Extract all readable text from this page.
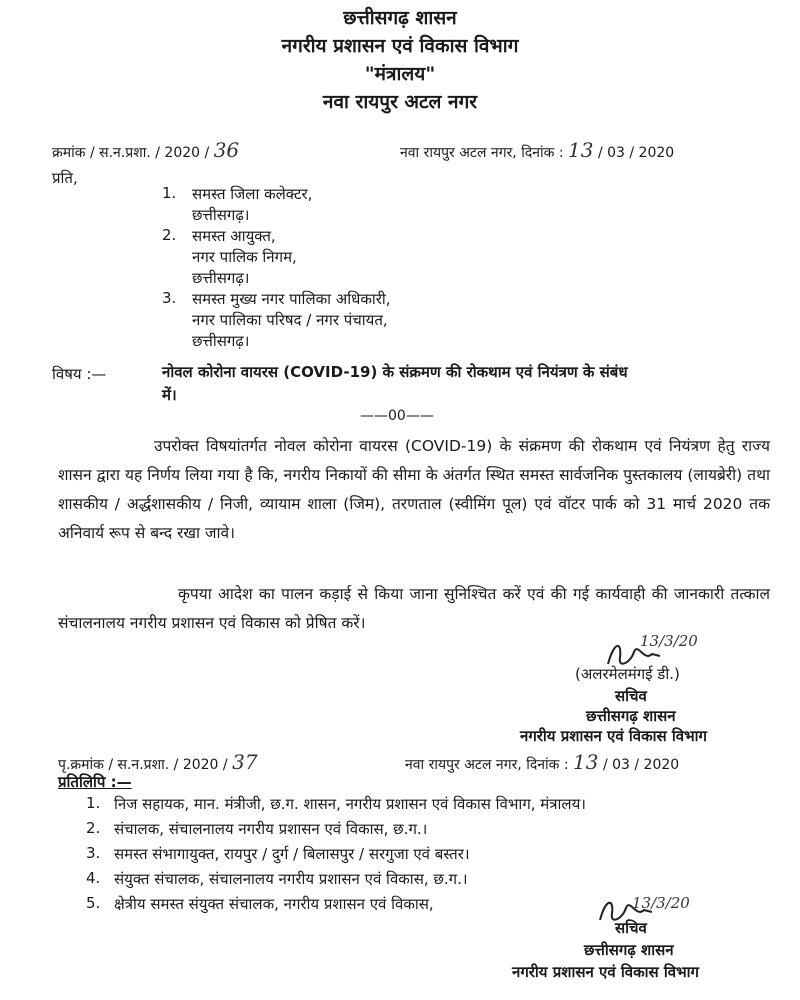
छत्तीसगढ़ शासन
नगरीय प्रशासन एवं विकास विभाग
"मंत्रालय"
नवा रायपुर अटल नगर
क्रमांक / स.न.प्रशा. / 2020 / 36	नवा रायपुर अटल नगर, दिनांक : 13 / 03 / 2020
प्रति,
1. समस्त जिला कलेक्टर,
छत्तीसगढ़।
2. समस्त आयुक्त,
नगर पालिक निगम,
छत्तीसगढ़।
3. समस्त मुख्य नगर पालिका अधिकारी,
नगर पालिका परिषद / नगर पंचायत,
छत्तीसगढ़।
विषय :—	नोवल कोरोना वायरस (COVID-19) के संक्रमण की रोकथाम एवं नियंत्रण के संबंध
में।
——00——
उपरोक्त विषयांतर्गत नोवल कोरोना वायरस (COVID-19) के संक्रमण की रोकथाम एवं नियंत्रण हेतु राज्य शासन द्वारा यह निर्णय लिया गया है कि, नगरीय निकायों की सीमा के अंतर्गत स्थित समस्त सार्वजनिक पुस्तकालय (लायब्रेरी) तथा शासकीय / अर्द्धशासकीय / निजी, व्यायाम शाला (जिम), तरणताल (स्वीमिंग पूल) एवं वॉटर पार्क को 31 मार्च 2020 तक अनिवार्य रूप से बन्द रखा जावे।
कृपया आदेश का पालन कड़ाई से किया जाना सुनिश्चित करें एवं की गई कार्यवाही की जानकारी तत्काल संचालनालय नगरीय प्रशासन एवं विकास को प्रेषित करें।
13/3/20
(अलरमेलमंगई डी.)
सचिव
छत्तीसगढ़ शासन
नगरीय प्रशासन एवं विकास विभाग
पृ.क्रमांक / स.न.प्रशा. / 2020 / 37	नवा रायपुर अटल नगर, दिनांक : 13 / 03 / 2020
प्रतिलिपि :—
1. निज सहायक, मान. मंत्रीजी, छ.ग. शासन, नगरीय प्रशासन एवं विकास विभाग, मंत्रालय।
2. संचालक, संचालनालय नगरीय प्रशासन एवं विकास, छ.ग.।
3. समस्त संभागायुक्त, रायपुर / दुर्ग / बिलासपुर / सरगुजा एवं बस्तर।
4. संयुक्त संचालक, संचालनालय नगरीय प्रशासन एवं विकास, छ.ग.।
5. क्षेत्रीय समस्त संयुक्त संचालक, नगरीय प्रशासन एवं विकास,	13/3/20
सचिव
छत्तीसगढ़ शासन
नगरीय प्रशासन एवं विकास विभाग
